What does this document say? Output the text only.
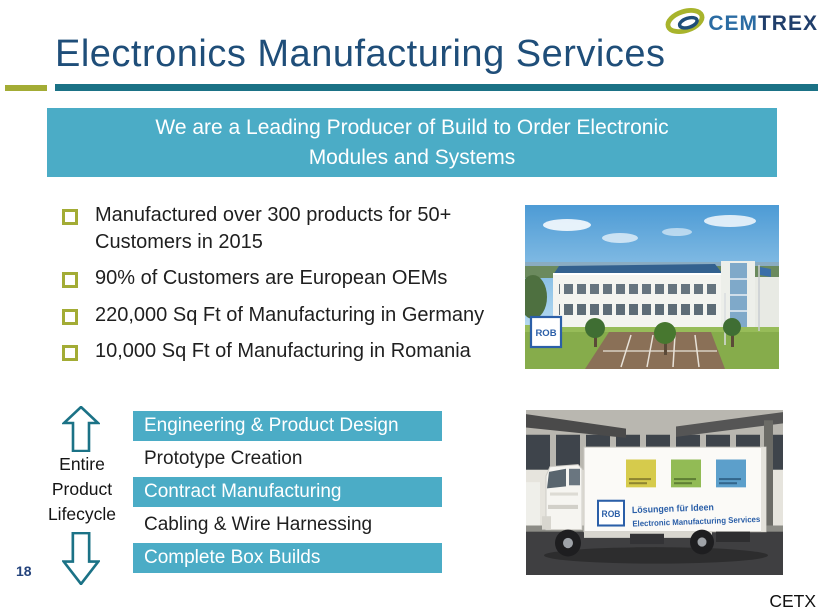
CEMTREX
Electronics Manufacturing Services
We are a Leading Producer of Build to Order Electronic
Modules and Systems
Manufactured over 300 products for 50+ Customers in 2015
90% of Customers are European OEMs
220,000 Sq Ft of Manufacturing in Germany
10,000 Sq Ft of Manufacturing in Romania
ROB
Entire Product Lifecycle
Engineering & Product Design
Prototype Creation
Contract Manufacturing
Cabling & Wire Harnessing
Complete Box Builds
ROB Lösungen für Ideen
Electronic Manufacturing Services
18
CETX
